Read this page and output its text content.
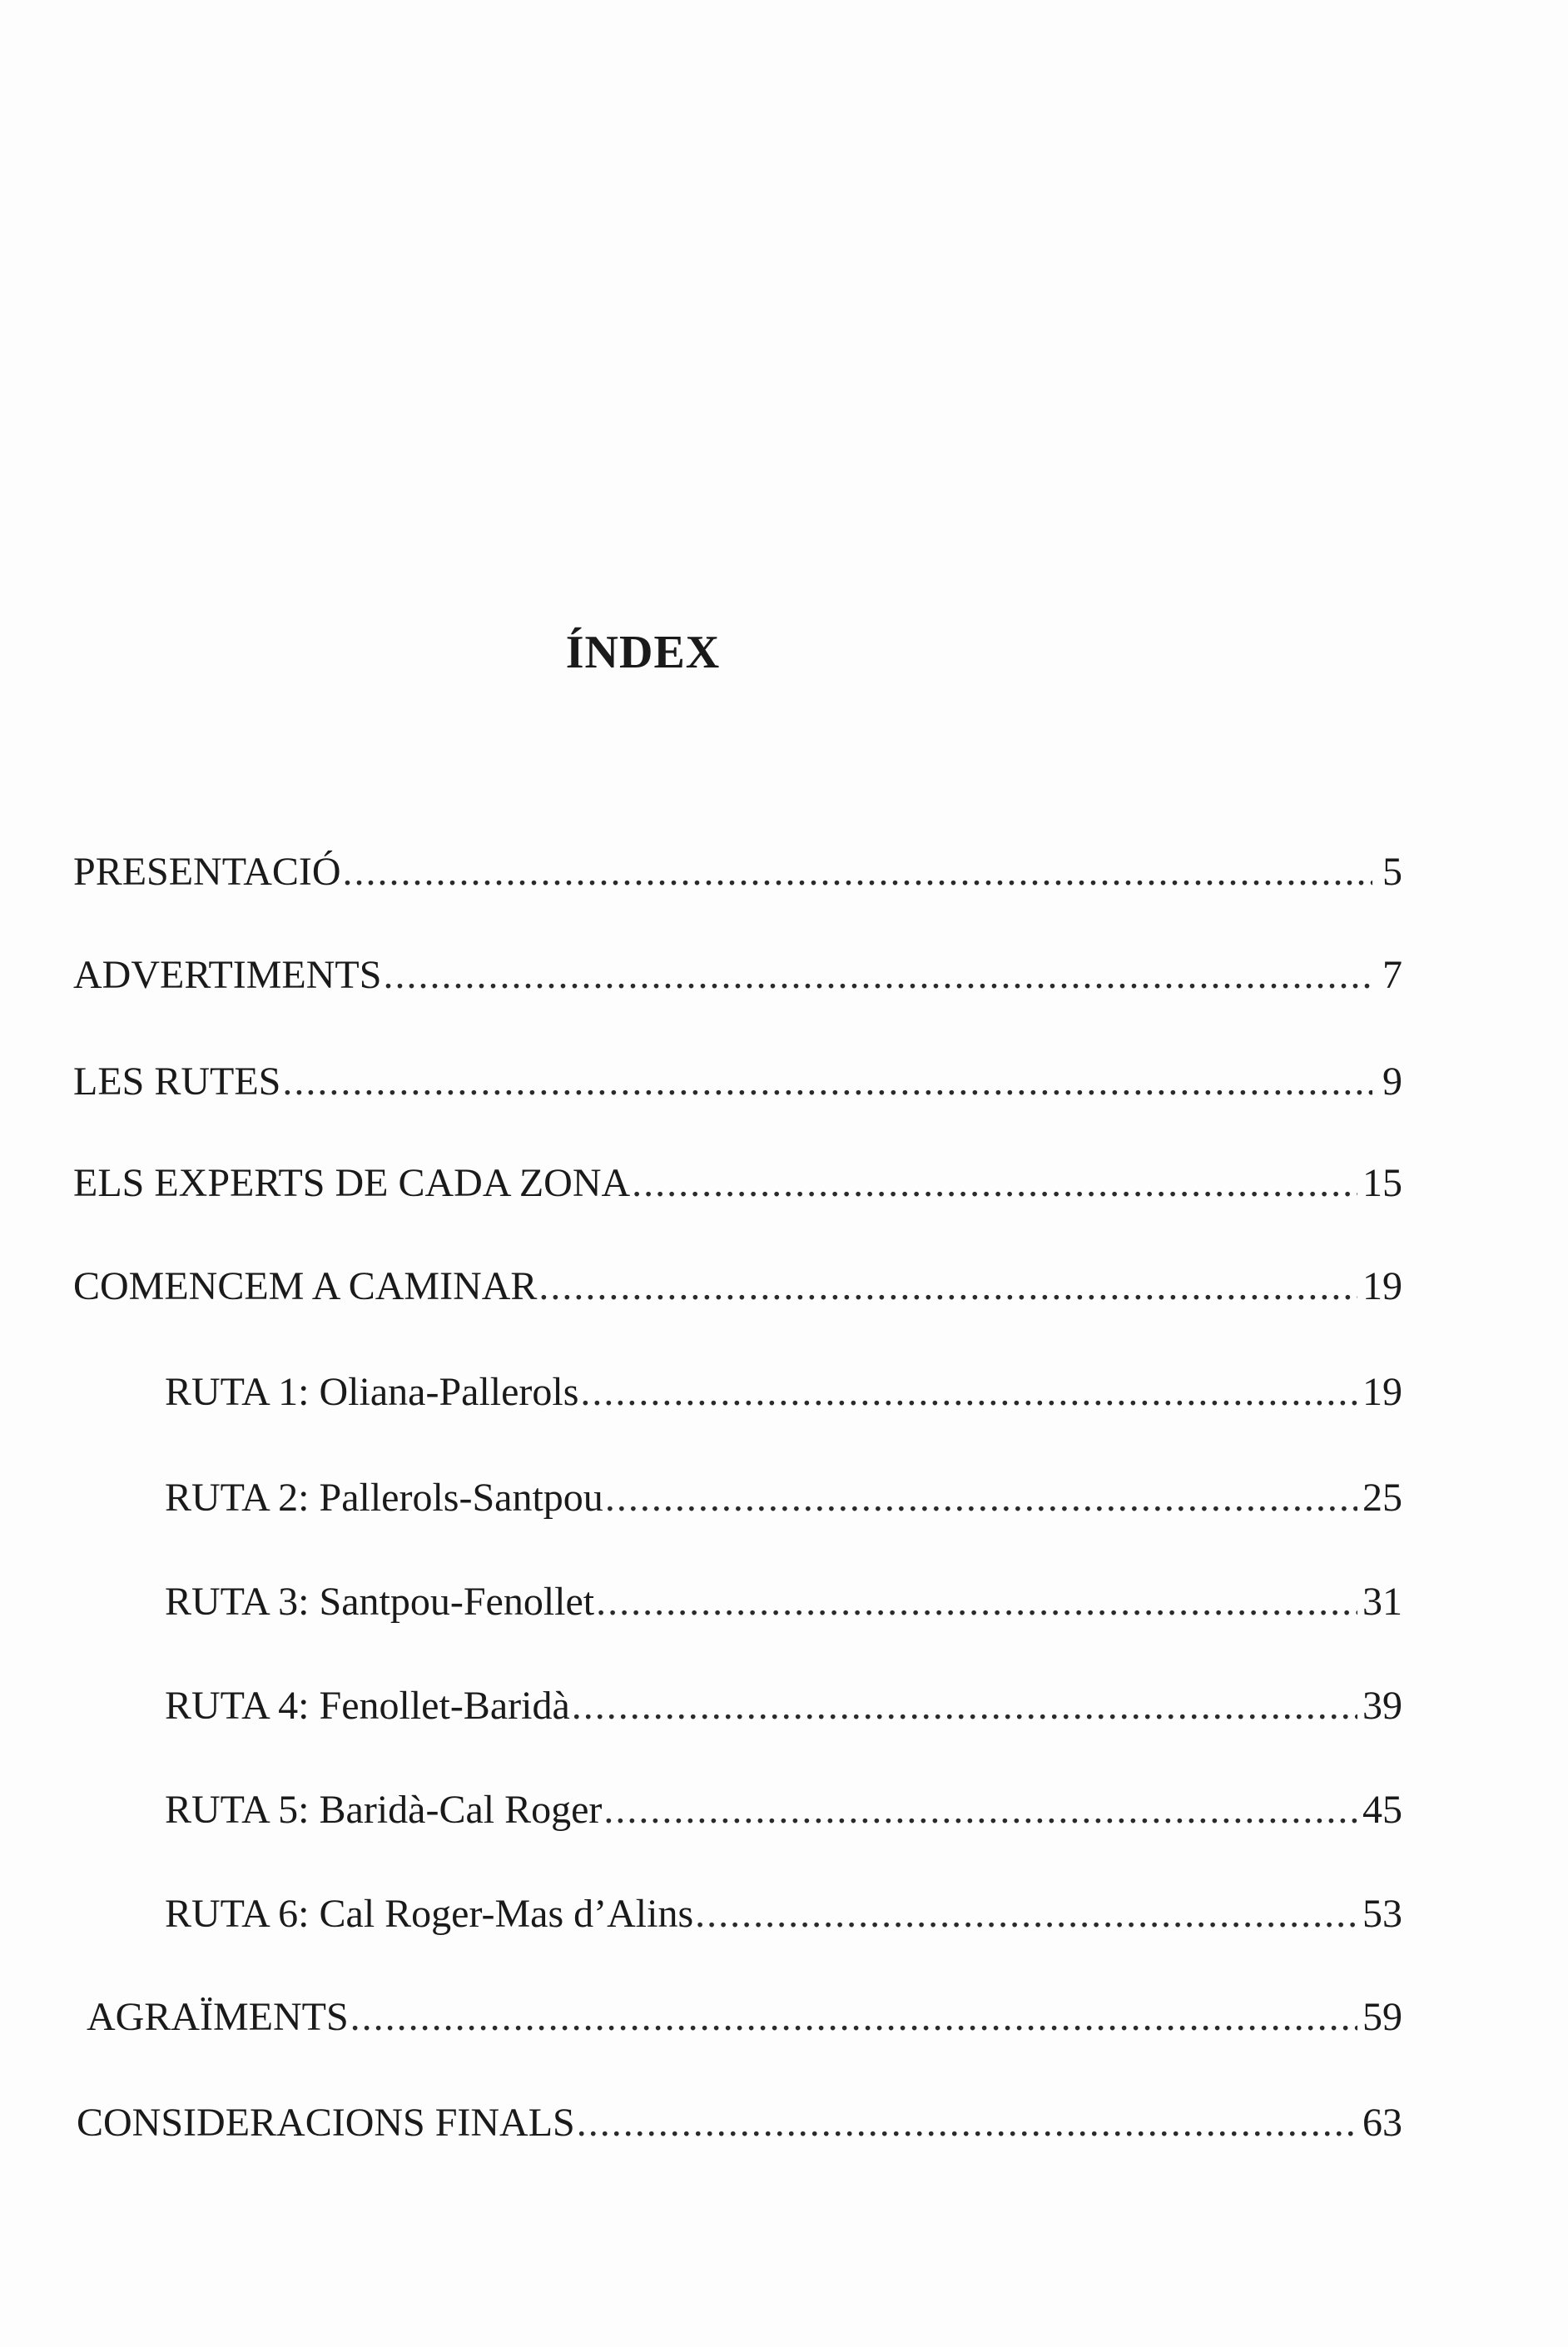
ÍNDEX
PRESENTACIÓ .....	5
ADVERTIMENTS .....	7
LES RUTES .....	9
ELS EXPERTS DE CADA ZONA .....	15
COMENCEM A CAMINAR .....	19
RUTA 1: Oliana-Pallerols .....	19
RUTA 2: Pallerols-Santpou .....	25
RUTA 3: Santpou-Fenollet .....	31
RUTA 4: Fenollet-Baridà .....	39
RUTA 5: Baridà-Cal Roger .....	45
RUTA 6: Cal Roger-Mas d’Alins .....	53
AGRAÏMENTS .....	59
CONSIDERACIONS FINALS .....	63
